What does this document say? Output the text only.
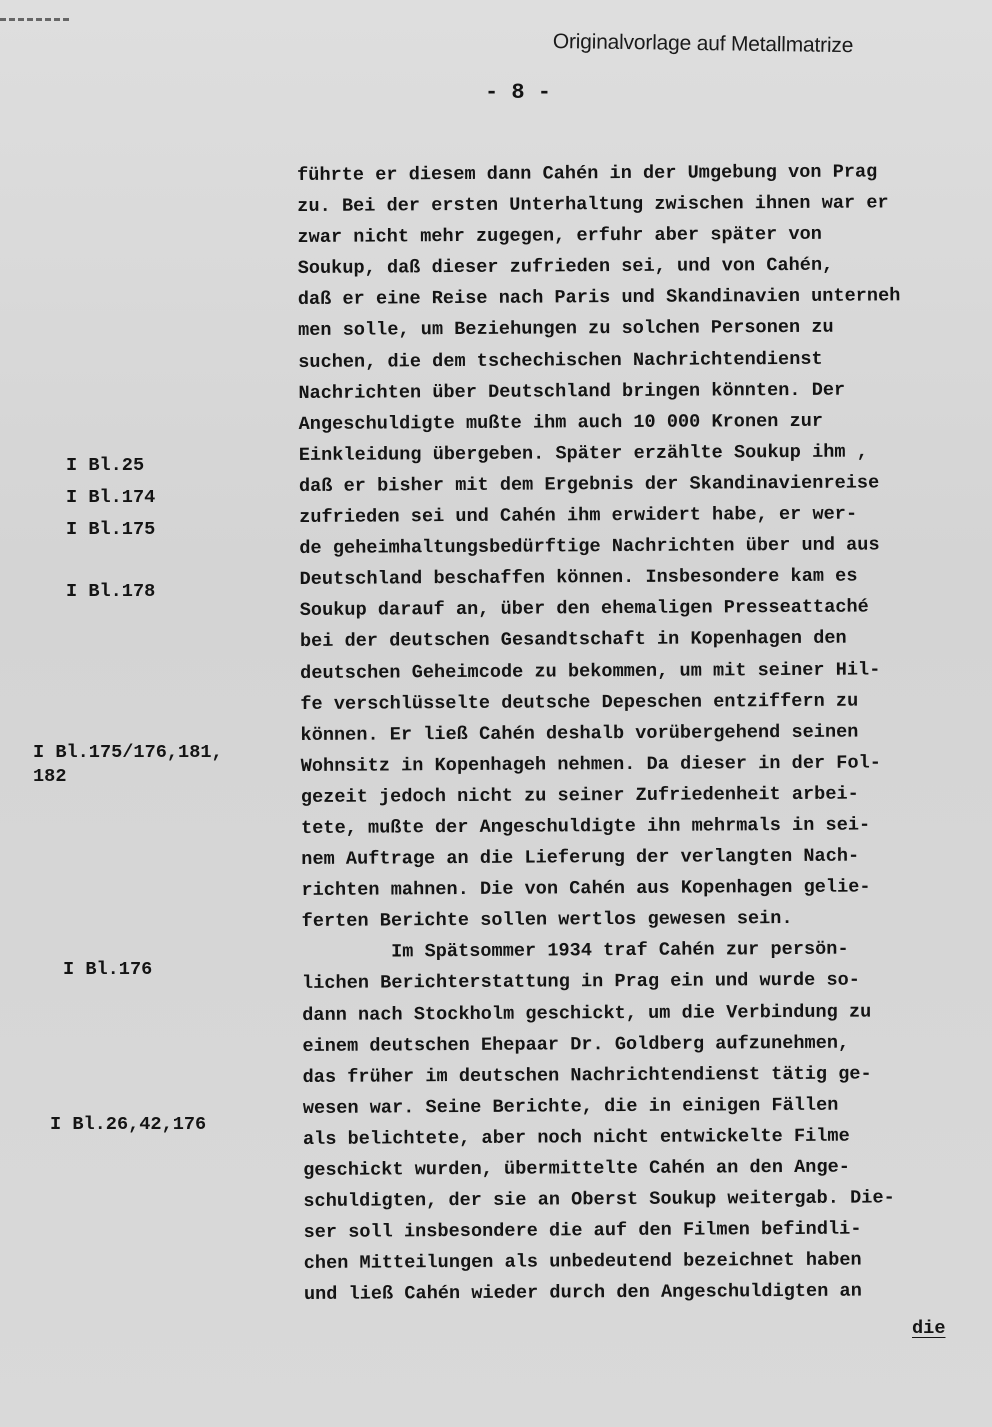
Originalvorlage auf Metallmatrize
- 8 -
I Bl.25
I Bl.174
I Bl.175
I Bl.178
I Bl.175/176,181,
182
I Bl.176
I Bl.26,42,176
führte er diesem dann Cahén in der Umgebung von Prag
zu. Bei der ersten Unterhaltung zwischen ihnen war er
zwar nicht mehr zugegen, erfuhr aber später von
Soukup, daß dieser zufrieden sei, und von Cahén,
daß er eine Reise nach Paris und Skandinavien unterneh
men solle, um Beziehungen zu solchen Personen zu
suchen, die dem tschechischen Nachrichtendienst
Nachrichten über Deutschland bringen könnten. Der
Angeschuldigte mußte ihm auch 10 000 Kronen zur
Einkleidung übergeben. Später erzählte Soukup ihm ,
daß er bisher mit dem Ergebnis der Skandinavienreise
zufrieden sei und Cahén ihm erwidert habe, er wer-
de geheimhaltungsbedürftige Nachrichten über und aus
Deutschland beschaffen können. Insbesondere kam es
Soukup darauf an, über den ehemaligen Presseattaché
bei der deutschen Gesandtschaft in Kopenhagen den
deutschen Geheimcode zu bekommen, um mit seiner Hil-
fe verschlüsselte deutsche Depeschen entziffern zu
können. Er ließ Cahén deshalb vorübergehend seinen
Wohnsitz in Kopenhageh nehmen. Da dieser in der Fol-
gezeit jedoch nicht zu seiner Zufriedenheit arbei-
tete, mußte der Angeschuldigte ihn mehrmals in sei-
nem Auftrage an die Lieferung der verlangten Nach-
richten mahnen. Die von Cahén aus Kopenhagen gelie-
ferten Berichte sollen wertlos gewesen sein.
Im Spätsommer 1934 traf Cahén zur persön-
lichen Berichterstattung in Prag ein und wurde so-
dann nach Stockholm geschickt, um die Verbindung zu
einem deutschen Ehepaar Dr. Goldberg aufzunehmen,
das früher im deutschen Nachrichtendienst tätig ge-
wesen war. Seine Berichte, die in einigen Fällen
als belichtete, aber noch nicht entwickelte Filme
geschickt wurden, übermittelte Cahén an den Ange-
schuldigten, der sie an Oberst Soukup weitergab. Die-
ser soll insbesondere die auf den Filmen befindli-
chen Mitteilungen als unbedeutend bezeichnet haben
und ließ Cahén wieder durch den Angeschuldigten an
die
